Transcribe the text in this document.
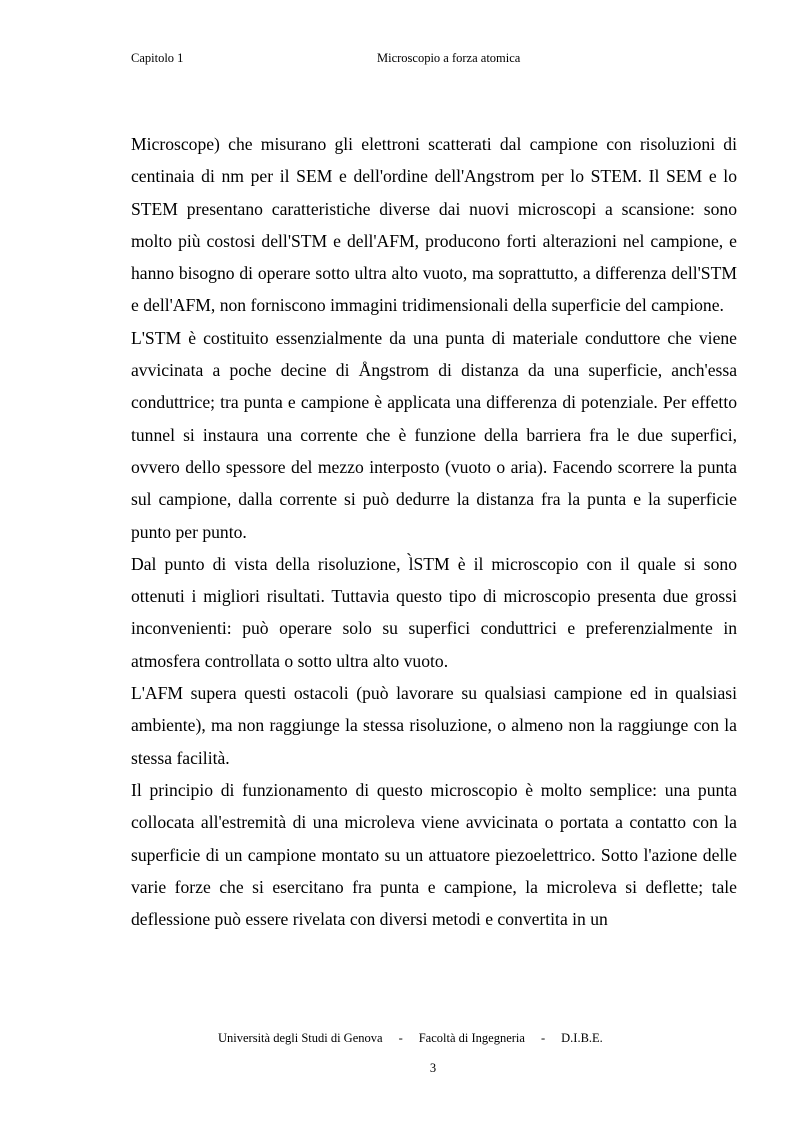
Capitolo 1	Microscopio a forza atomica

Microscope) che misurano gli elettroni scatterati dal campione con risoluzioni di centinaia di nm per il SEM e dell'ordine dell'Angstrom per lo STEM. Il SEM e lo STEM presentano caratteristiche diverse dai nuovi microscopi a scansione: sono molto più costosi dell'STM e dell'AFM, producono forti alterazioni nel campione, e hanno bisogno di operare sotto ultra alto vuoto, ma soprattutto, a differenza dell'STM e dell'AFM, non forniscono immagini tridimensionali della superficie del campione.

L'STM è costituito essenzialmente da una punta di materiale conduttore che viene avvicinata a poche decine di Ångstrom di distanza da una superficie, anch'essa conduttrice; tra punta e campione è applicata una differenza di potenziale. Per effetto tunnel si instaura una corrente che è funzione della barriera fra le due superfici, ovvero dello spessore del mezzo interposto (vuoto o aria). Facendo scorrere la punta sul campione, dalla corrente si può dedurre la distanza fra la punta e la superficie punto per punto.

Dal punto di vista della risoluzione, l̀STM è il microscopio con il quale si sono ottenuti i migliori risultati. Tuttavia questo tipo di microscopio presenta due grossi inconvenienti: può operare solo su superfici conduttrici e preferenzialmente in atmosfera controllata o sotto ultra alto vuoto.

L'AFM supera questi ostacoli (può lavorare su qualsiasi campione ed in qualsiasi ambiente), ma non raggiunge la stessa risoluzione, o almeno non la raggiunge con la stessa facilità.

Il principio di funzionamento di questo microscopio è molto semplice: una punta collocata all'estremità di una microleva viene avvicinata o portata a contatto con la superficie di un campione montato su un attuatore piezoelettrico. Sotto l'azione delle varie forze che si esercitano fra punta e campione, la microleva si deflette; tale deflessione può essere rivelata con diversi metodi e convertita in un

Università degli Studi di Genova - Facoltà di Ingegneria - D.I.B.E.
3
